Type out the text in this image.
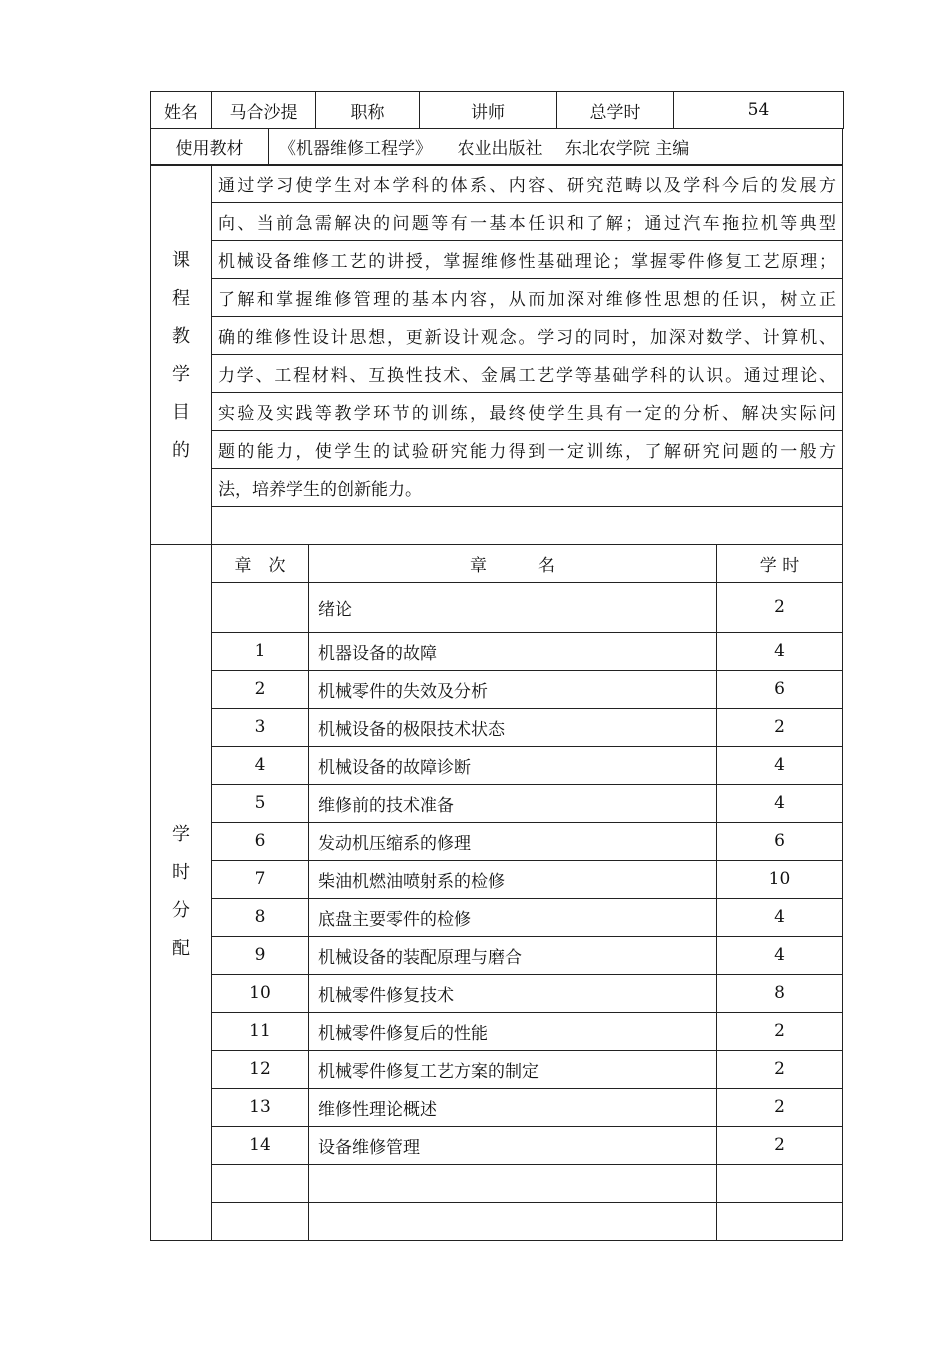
姓名	马合沙提	职称	讲师	总学时	54
使用教材	《机器维修工程学》　　农业出版社　 东北农学院 主编
课
程
教
学
目
的
	通过学习使学生对本学科的体系、内容、研究范畴以及学科今后的发展方
向、当前急需解决的问题等有一基本任识和了解；通过汽车拖拉机等典型
机械设备维修工艺的讲授，掌握维修性基础理论；掌握零件修复工艺原理；
了解和掌握维修管理的基本内容，从而加深对维修性思想的任识，树立正
确的维修性设计思想，更新设计观念。学习的同时，加深对数学、计算机、
力学、工程材料、互换性技术、金属工艺学等基础学科的认识。通过理论、
实验及实践等教学环节的训练，最终使学生具有一定的分析、解决实际问
题的能力，使学生的试验研究能力得到一定训练，了解研究问题的一般方
法，培养学生的创新能力。

学
时
分
配	章　次	章　　　名	学 时
		绪论	2
	1	机器设备的故障	4
	2	机械零件的失效及分析	6
	3	机械设备的极限技术状态	2
	4	机械设备的故障诊断	4
	5	维修前的技术准备	4
	6	发动机压缩系的修理	6
	7	柴油机燃油喷射系的检修	10
	8	底盘主要零件的检修	4
	9	机械设备的装配原理与磨合	4
	10	机械零件修复技术	8
	11	机械零件修复后的性能	2
	12	机械零件修复工艺方案的制定	2
	13	维修性理论概述	2
	14	设备维修管理	2
